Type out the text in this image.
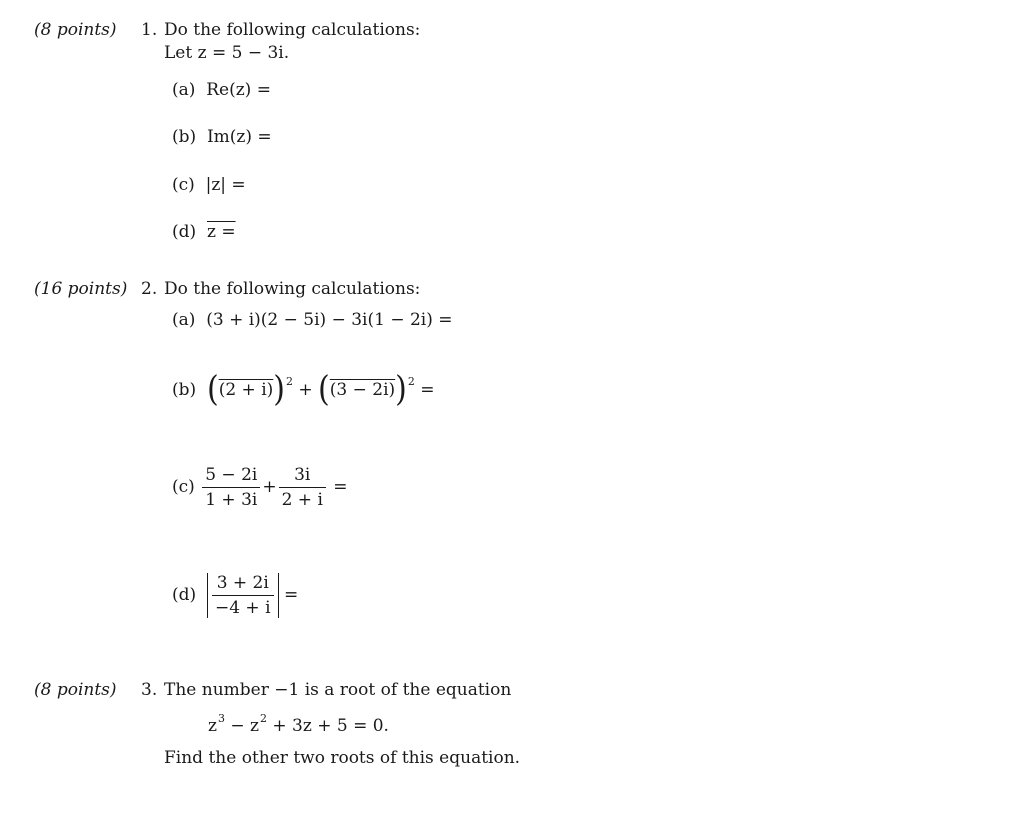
(8 points) 1. Do the following calculations:
Let z = 5 − 3i.
(a) Re(z) =
(b) Im(z) =
(c) |z| =
(d) z =
(16 points) 2. Do the following calculations:
(a) (3 + i)(2 − 5i) − 3i(1 − 2i) =
(b)
( (2 + i) ) 2
+
( (3 − 2i) ) 2
=
(c)
$\frac{5 - 2i}{1 + 3i} + \frac{3i}{2 + i}$
=
(d)
$\frac{3 + 2i}{-4 + i}$
=
(8 points) 3. The number −1 is a root of the equation
$z^3 - z^2 + 3z + 5 = 0$.
Find the other two roots of this equation.
